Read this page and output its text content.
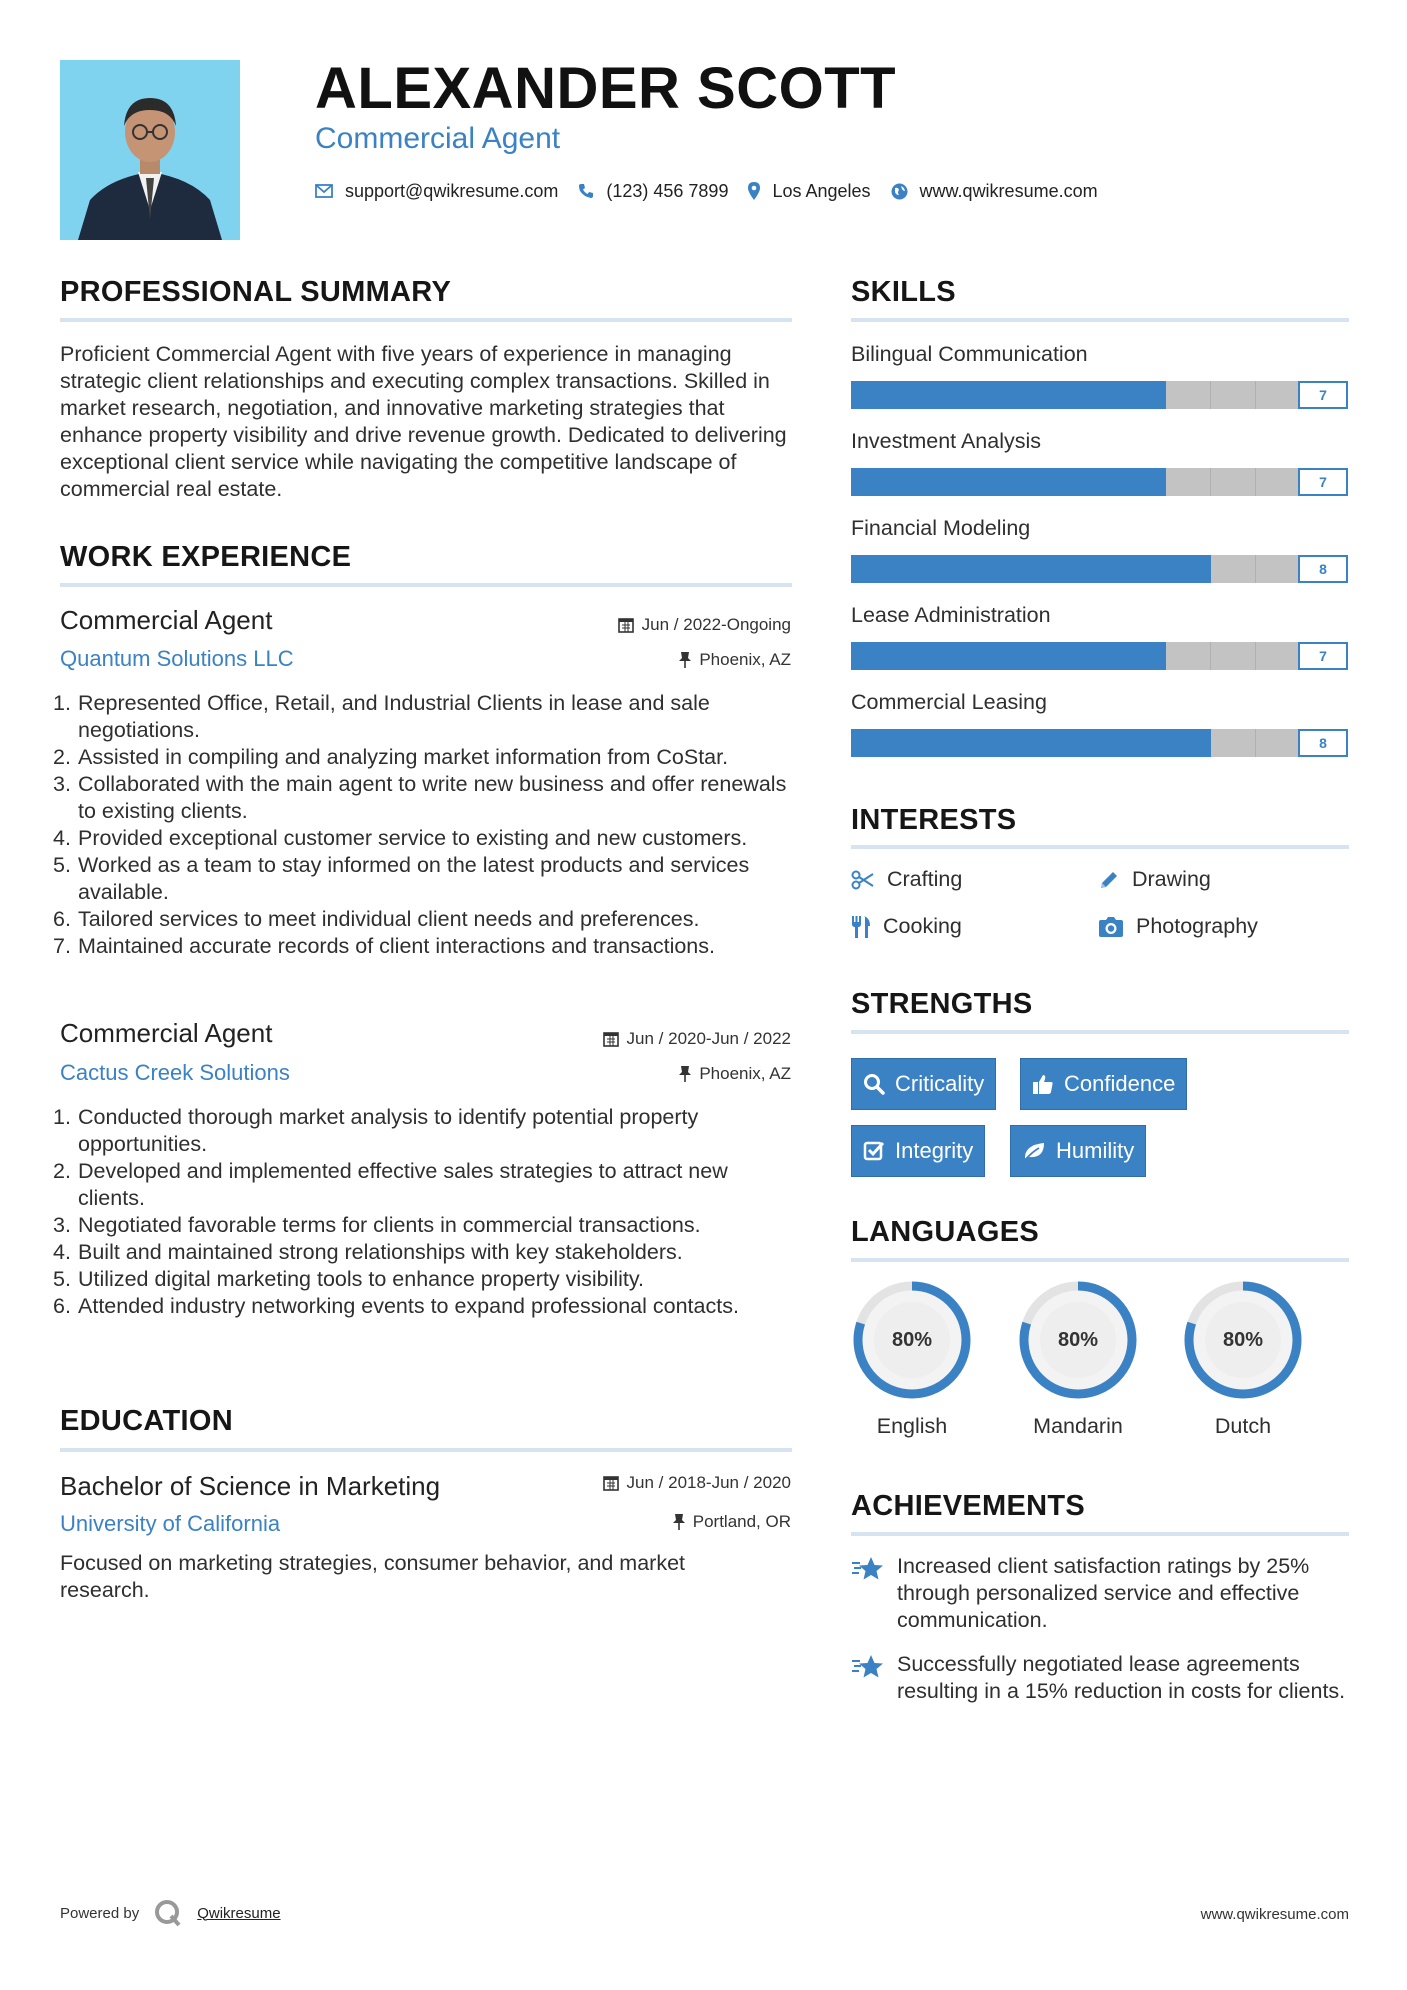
ALEXANDER SCOTT
Commercial Agent
support@qwikresume.com	(123) 456 7899 Los Angeles	www.qwikresume.com
PROFESSIONAL SUMMARY
Proficient Commercial Agent with five years of experience in managing strategic client relationships and executing complex transactions. Skilled in market research, negotiation, and innovative marketing strategies that enhance property visibility and drive revenue growth. Dedicated to delivering exceptional client service while navigating the competitive landscape of commercial real estate.
WORK EXPERIENCE
Commercial Agent	Jun / 2022-Ongoing
Quantum Solutions LLC	Phoenix, AZ
1. Represented Office, Retail, and Industrial Clients in lease and sale negotiations.
2. Assisted in compiling and analyzing market information from CoStar.
3. Collaborated with the main agent to write new business and offer renewals to existing clients.
4. Provided exceptional customer service to existing and new customers.
5. Worked as a team to stay informed on the latest products and services available.
6. Tailored services to meet individual client needs and preferences.
7. Maintained accurate records of client interactions and transactions.
Commercial Agent	Jun / 2020-Jun / 2022
Cactus Creek Solutions	Phoenix, AZ
1. Conducted thorough market analysis to identify potential property opportunities.
2. Developed and implemented effective sales strategies to attract new clients.
3. Negotiated favorable terms for clients in commercial transactions.
4. Built and maintained strong relationships with key stakeholders.
5. Utilized digital marketing tools to enhance property visibility.
6. Attended industry networking events to expand professional contacts.
EDUCATION
Bachelor of Science in Marketing	Jun / 2018-Jun / 2020
University of California	Portland, OR
Focused on marketing strategies, consumer behavior, and market research.
SKILLS
Bilingual Communication
7
Investment Analysis
7
Financial Modeling
8
Lease Administration
7
Commercial Leasing
8
INTERESTS
Crafting	Drawing
Cooking	Photography
STRENGTHS
Criticality	Confidence
Integrity	Humility
LANGUAGES
80%
English
80%
Mandarin
80%
Dutch
ACHIEVEMENTS
Increased client satisfaction ratings by 25% through personalized service and effective communication.
Successfully negotiated lease agreements resulting in a 15% reduction in costs for clients.
Powered by	Qwikresume	www.qwikresume.com
